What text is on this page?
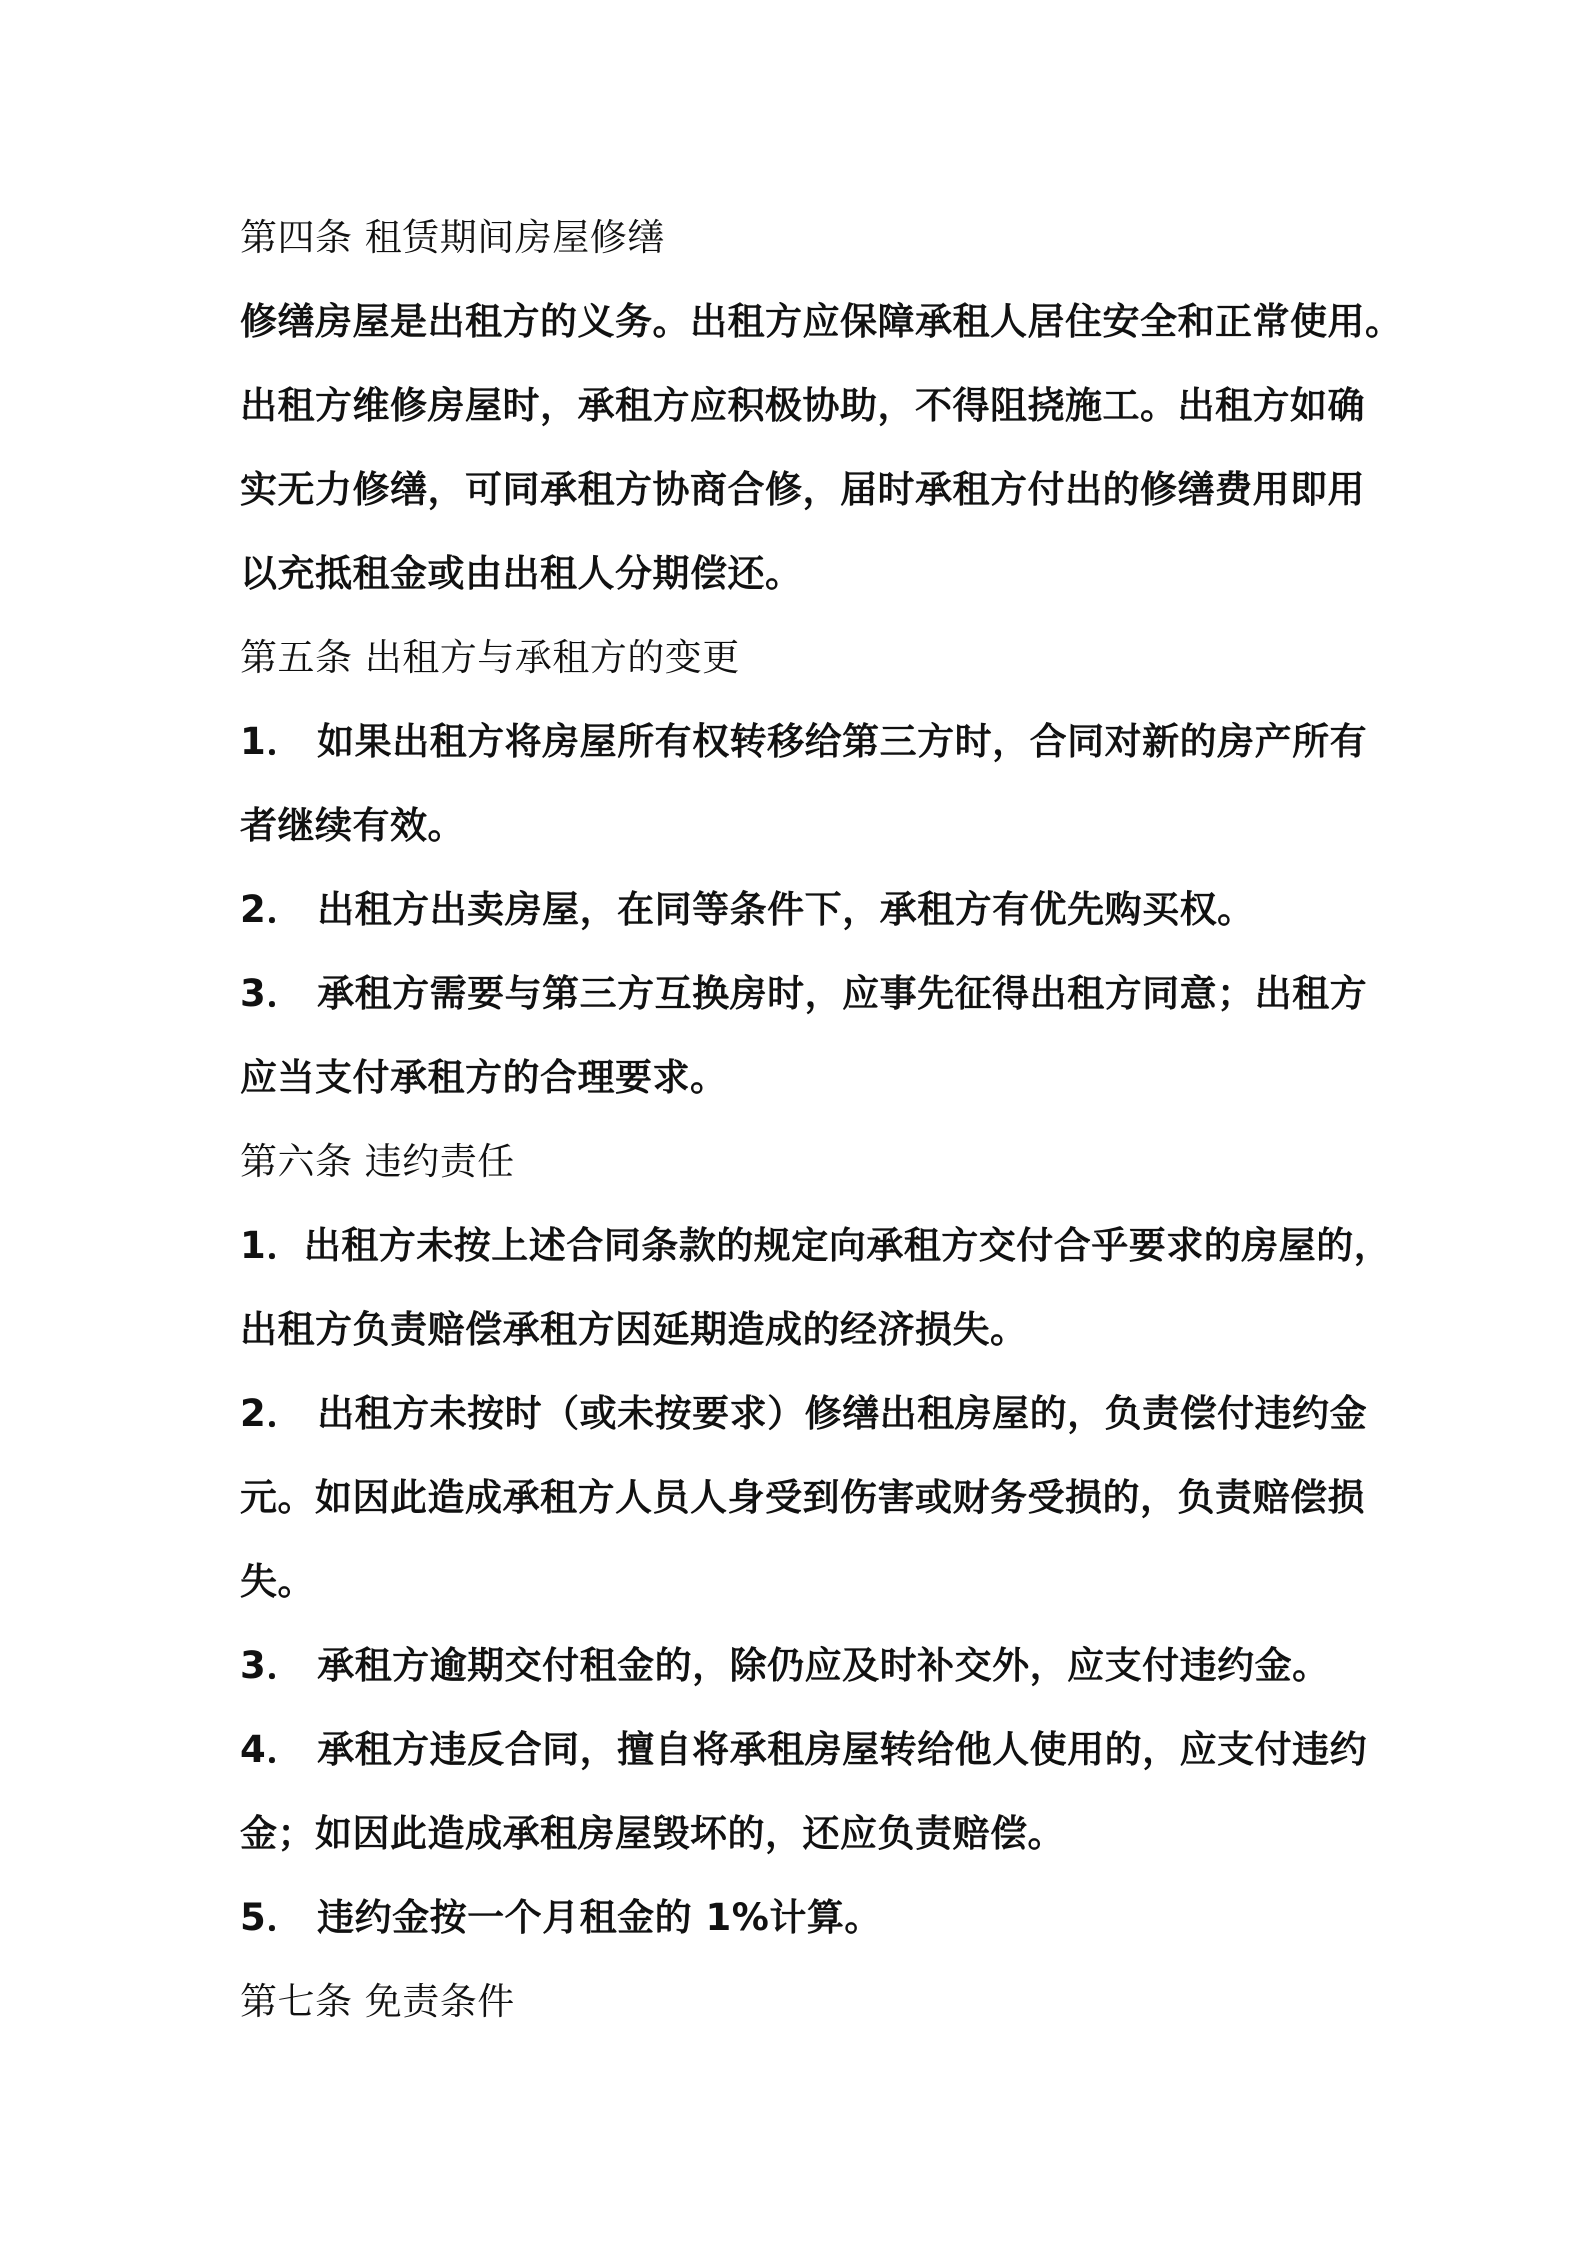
第四条 租赁期间房屋修缮
修缮房屋是出租方的义务。出租方应保障承租人居住安全和正常使用。
出租方维修房屋时，承租方应积极协助，不得阻挠施工。出租方如确
实无力修缮，可同承租方协商合修，届时承租方付出的修缮费用即用
以充抵租金或由出租人分期偿还。
第五条 出租方与承租方的变更
1． 如果出租方将房屋所有权转移给第三方时，合同对新的房产所有
者继续有效。
2． 出租方出卖房屋，在同等条件下，承租方有优先购买权。
3． 承租方需要与第三方互换房时，应事先征得出租方同意；出租方
应当支付承租方的合理要求。
第六条 违约责任
1．出租方未按上述合同条款的规定向承租方交付合乎要求的房屋的，
出租方负责赔偿承租方因延期造成的经济损失。
2． 出租方未按时（或未按要求）修缮出租房屋的，负责偿付违约金
元。如因此造成承租方人员人身受到伤害或财务受损的，负责赔偿损
失。
3． 承租方逾期交付租金的，除仍应及时补交外，应支付违约金。
4． 承租方违反合同，擅自将承租房屋转给他人使用的，应支付违约
金；如因此造成承租房屋毁坏的，还应负责赔偿。
5． 违约金按一个月租金的 1%计算。
第七条 免责条件
